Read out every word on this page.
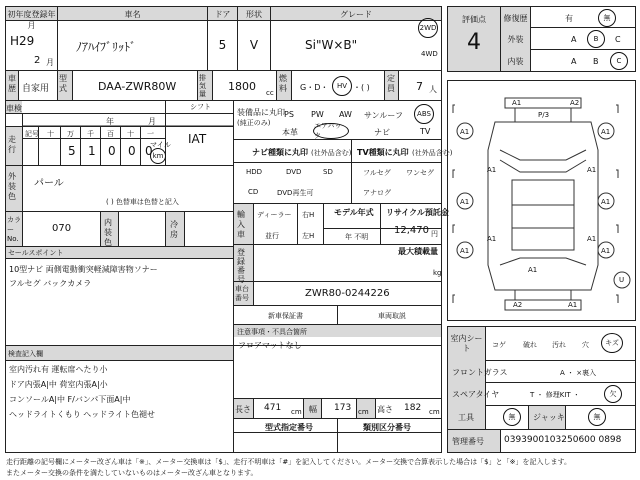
初年度登録年月
車名	ドア	形状	グレード
H29
2 月
ﾉｱﾊｲﾌﾞﾘｯﾄﾞ	5	V	Si"W×B"
2WD
4WD
車歴 自家用
型式	DAA-ZWR80W
排気量
1800 cc
燃料 G・D・	HV ・( )
定員 7 人
車検
年	月
シフト
IAT
記号 十 万 千 百 十 一
走行	5 1 0 0 0
マイル
km
外装色
パール
( ) 色替車は色替と記入
カラーNo.
070
内装色
冷房
セールスポイント
10型ナビ 両側電動衝突軽減障害物ソナー
フルセグ バックカメラ
装備品に丸印
(純正のみ)
PS PW AW サンルーフ	ABS
本革
エアバック	ナビ	TV
ナビ種類に丸印 (社外品含む) TV種類に丸印 (社外品含む)
HDD	DVD	SD
CD	DVD再生可
フルセグ ワンセグ
アナログ
輸入車
ディーラー
並行
右H
左H
モデル年式
年 不明
リサイクル預託金
12,470 円
最大積載量
kg
登録番号
車台番号	ZWR80-0244226
新車保証書	車両取説
注意事項・不具合箇所
フロアマットなし
検査記入欄
室内汚れ有 運転席ヘたり小
ドア内張A|中 荷室内張A|小
コンソールA|中 F/バンパ下面A|中
ヘッドライトくもり ヘッドライト色褪せ
長さ 471 cm 幅 173 cm 高さ 182 cm
型式指定番号	類別区分番号
評価点
4
修復歴	有	無
外装	A	B	C
内装	A B	C
A1	A2
A1
P/3
A1
A1	A1
A1	A1
A1	A1
A1	A1
A1
A2	A1
U
室内シート	コゲ 破れ 汚れ 穴	キズ
フロントガラス	A ・ ×裏入
スペアタイヤ	T ・ 修理KIT ・	欠
工具	無	ジャッキ	無
管理番号 0393900103250600 0898
走行距離の記号欄にメーター改ざん車は「※」、メーター交換車は「$」、走行不明車は「#」を記入してください。メーター交換で合算表示した場合は「$」と「※」を記入します。
またメーター交換の条件を満たしていないものはメーター改ざん車となります。
